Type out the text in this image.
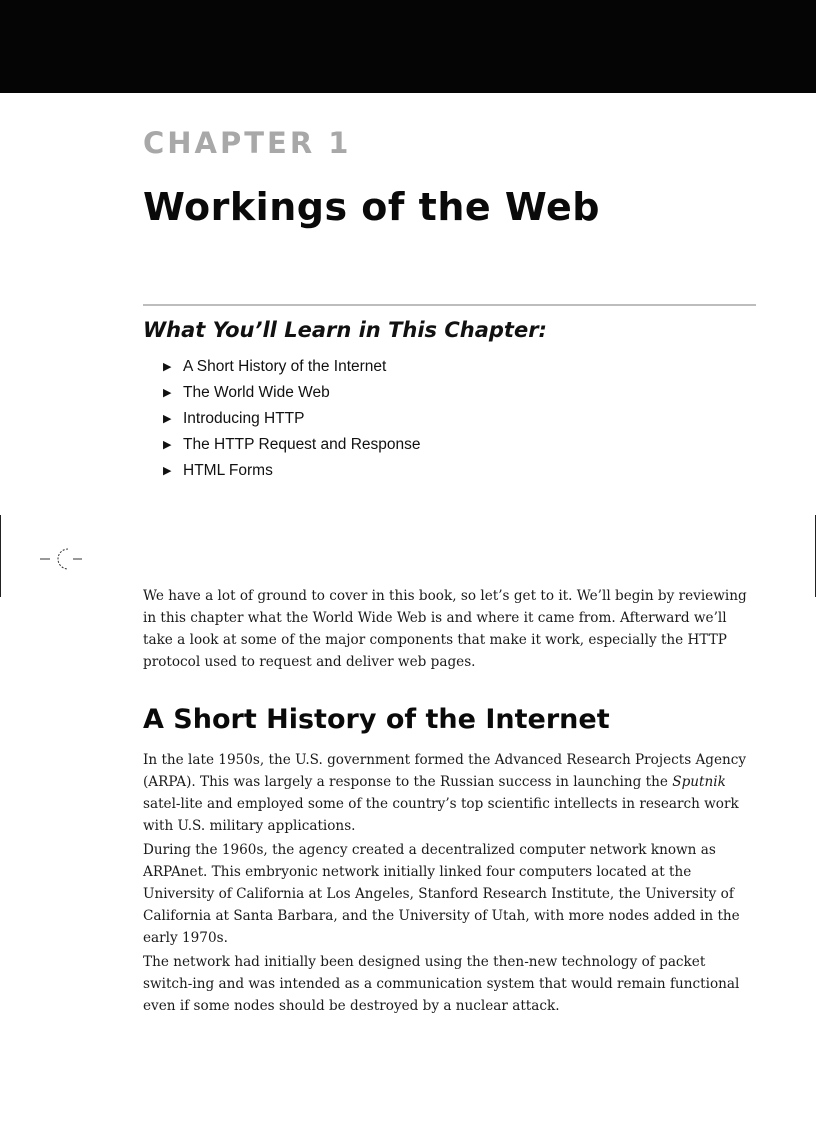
CHAPTER 1
Workings of the Web
What You’ll Learn in This Chapter:
▶ A Short History of the Internet
▶ The World Wide Web
▶ Introducing HTTP
▶ The HTTP Request and Response
▶ HTML Forms

We have a lot of ground to cover in this book, so let’s get to it. We’ll begin by reviewing in this chapter what the World Wide Web is and where it came from. Afterward we’ll take a look at some of the major components that make it work, especially the HTTP protocol used to request and deliver web pages.

A Short History of the Internet

In the late 1950s, the U.S. government formed the Advanced Research Projects Agency (ARPA). This was largely a response to the Russian success in launching the Sputnik satel-lite and employed some of the country’s top scientific intellects in research work with U.S. military applications.

During the 1960s, the agency created a decentralized computer network known as ARPAnet. This embryonic network initially linked four computers located at the University of California at Los Angeles, Stanford Research Institute, the University of California at Santa Barbara, and the University of Utah, with more nodes added in the early 1970s.

The network had initially been designed using the then-new technology of packet switch-ing and was intended as a communication system that would remain functional even if some nodes should be destroyed by a nuclear attack.
